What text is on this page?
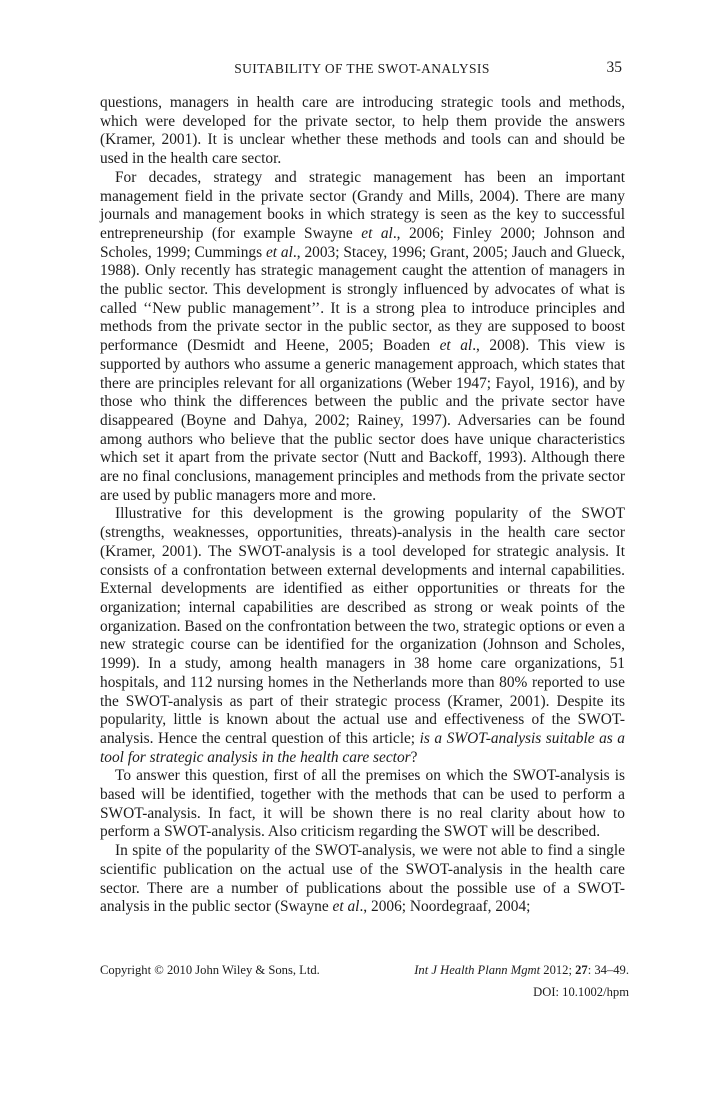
SUITABILITY OF THE SWOT-ANALYSIS	35

questions, managers in health care are introducing strategic tools and methods, which were developed for the private sector, to help them provide the answers (Kramer, 2001). It is unclear whether these methods and tools can and should be used in the health care sector.

For decades, strategy and strategic management has been an important management field in the private sector (Grandy and Mills, 2004). There are many journals and management books in which strategy is seen as the key to successful entrepreneurship (for example Swayne et al., 2006; Finley 2000; Johnson and Scholes, 1999; Cummings et al., 2003; Stacey, 1996; Grant, 2005; Jauch and Glueck, 1988). Only recently has strategic management caught the attention of managers in the public sector. This development is strongly influenced by advocates of what is called ‘‘New public management’’. It is a strong plea to introduce principles and methods from the private sector in the public sector, as they are supposed to boost performance (Desmidt and Heene, 2005; Boaden et al., 2008). This view is supported by authors who assume a generic management approach, which states that there are principles relevant for all organizations (Weber 1947; Fayol, 1916), and by those who think the differences between the public and the private sector have disappeared (Boyne and Dahya, 2002; Rainey, 1997). Adversaries can be found among authors who believe that the public sector does have unique characteristics which set it apart from the private sector (Nutt and Backoff, 1993). Although there are no final conclusions, management principles and methods from the private sector are used by public managers more and more.

Illustrative for this development is the growing popularity of the SWOT (strengths, weaknesses, opportunities, threats)-analysis in the health care sector (Kramer, 2001). The SWOT-analysis is a tool developed for strategic analysis. It consists of a confrontation between external developments and internal capabilities. External developments are identified as either opportunities or threats for the organization; internal capabilities are described as strong or weak points of the organization. Based on the confrontation between the two, strategic options or even a new strategic course can be identified for the organization (Johnson and Scholes, 1999). In a study, among health managers in 38 home care organizations, 51 hospitals, and 112 nursing homes in the Netherlands more than 80% reported to use the SWOT-analysis as part of their strategic process (Kramer, 2001). Despite its popularity, little is known about the actual use and effectiveness of the SWOT-analysis. Hence the central question of this article; is a SWOT-analysis suitable as a tool for strategic analysis in the health care sector?

To answer this question, first of all the premises on which the SWOT-analysis is based will be identified, together with the methods that can be used to perform a SWOT-analysis. In fact, it will be shown there is no real clarity about how to perform a SWOT-analysis. Also criticism regarding the SWOT will be described.

In spite of the popularity of the SWOT-analysis, we were not able to find a single scientific publication on the actual use of the SWOT-analysis in the health care sector. There are a number of publications about the possible use of a SWOT-analysis in the public sector (Swayne et al., 2006; Noordegraaf, 2004;

Copyright © 2010 John Wiley & Sons, Ltd.	Int J Health Plann Mgmt 2012; 27: 34–49.
DOI: 10.1002/hpm
